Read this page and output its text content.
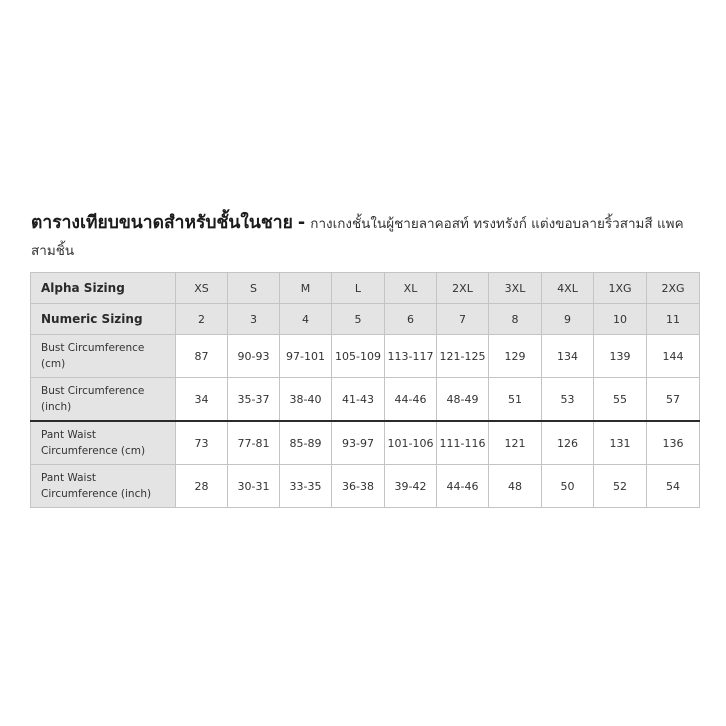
ตารางเทียบขนาดสำหรับชั้นในชาย - กางเกงชั้นในผู้ชายลาคอสท์ ทรงทรังก์ แต่งขอบลายริ้วสามสี แพคสามชิ้น
Alpha Sizing	XS	S	M	L	XL	2XL	3XL	4XL	1XG	2XG
Numeric Sizing	2	3	4	5	6	7	8	9	10	11
Bust Circumference
(cm)	87	90-93	97-101	105-109	113-117	121-125	129	134	139	144
Bust Circumference
(inch)	34	35-37	38-40	41-43	44-46	48-49	51	53	55	57
Pant Waist
Circumference (cm)	73	77-81	85-89	93-97	101-106	111-116	121	126	131	136
Pant Waist
Circumference (inch)	28	30-31	33-35	36-38	39-42	44-46	48	50	52	54
